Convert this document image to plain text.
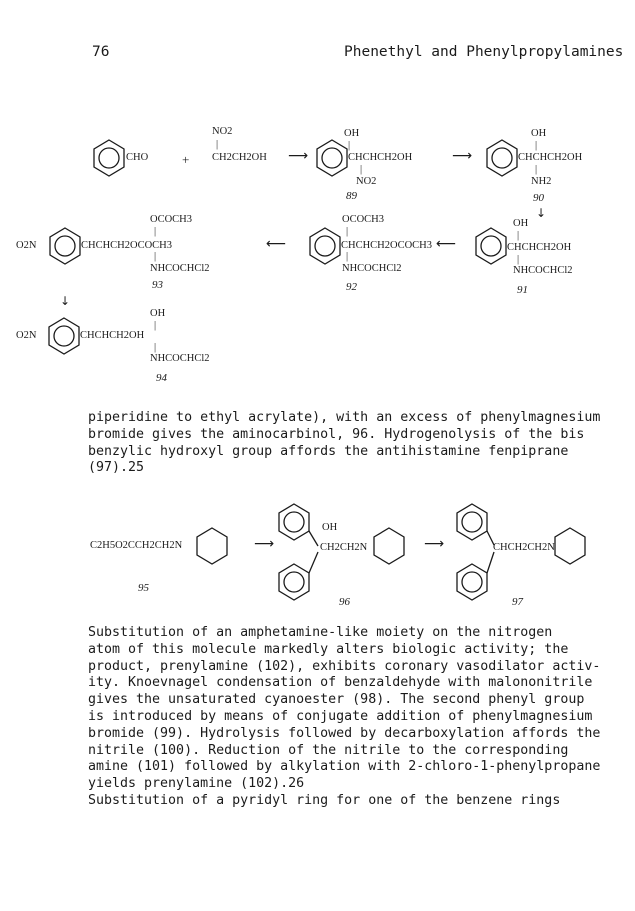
76	Phenethyl and Phenylpropylamines
CHO	+
NO2
|
CH2CH2OH ⟶
OH
|
CHCHCH2OH
|
NO2
89
⟶
OH
|
CHCHCH2OH
|
NH2
90
↓
OCOCH3
|
O2N	CHCHCH2OCOCH3
|
NHCOCHCl2
93
⟵
OCOCH3
|
CHCHCH2OCOCH3
|
NHCOCHCl2
92
⟵
OH
|
CHCHCH2OH
|
NHCOCHCl2
91
↓
OH
|
O2N	CHCHCH2OH
|
NHCOCHCl2
94

piperidine to ethyl acrylate), with an excess of phenylmagnesium

bromide gives the aminocarbinol, 96. Hydrogenolysis of the bis

benzylic hydroxyl group affords the antihistamine fenpiprane

(97).25

C2H5O2CCH2CH2N
95
⟶
OH
CH2CH2N
96
⟶	CHCH2CH2N
97

Substitution of an amphetamine-like moiety on the nitrogen

atom of this molecule markedly alters biologic activity; the

product, prenylamine (102), exhibits coronary vasodilator activ-

ity. Knoevnagel condensation of benzaldehyde with malononitrile

gives the unsaturated cyanoester (98). The second phenyl group

is introduced by means of conjugate addition of phenylmagnesium

bromide (99). Hydrolysis followed by decarboxylation affords the

nitrile (100). Reduction of the nitrile to the corresponding

amine (101) followed by alkylation with 2-chloro-1-phenylpropane

yields prenylamine (102).26

Substitution of a pyridyl ring for one of the benzene rings
